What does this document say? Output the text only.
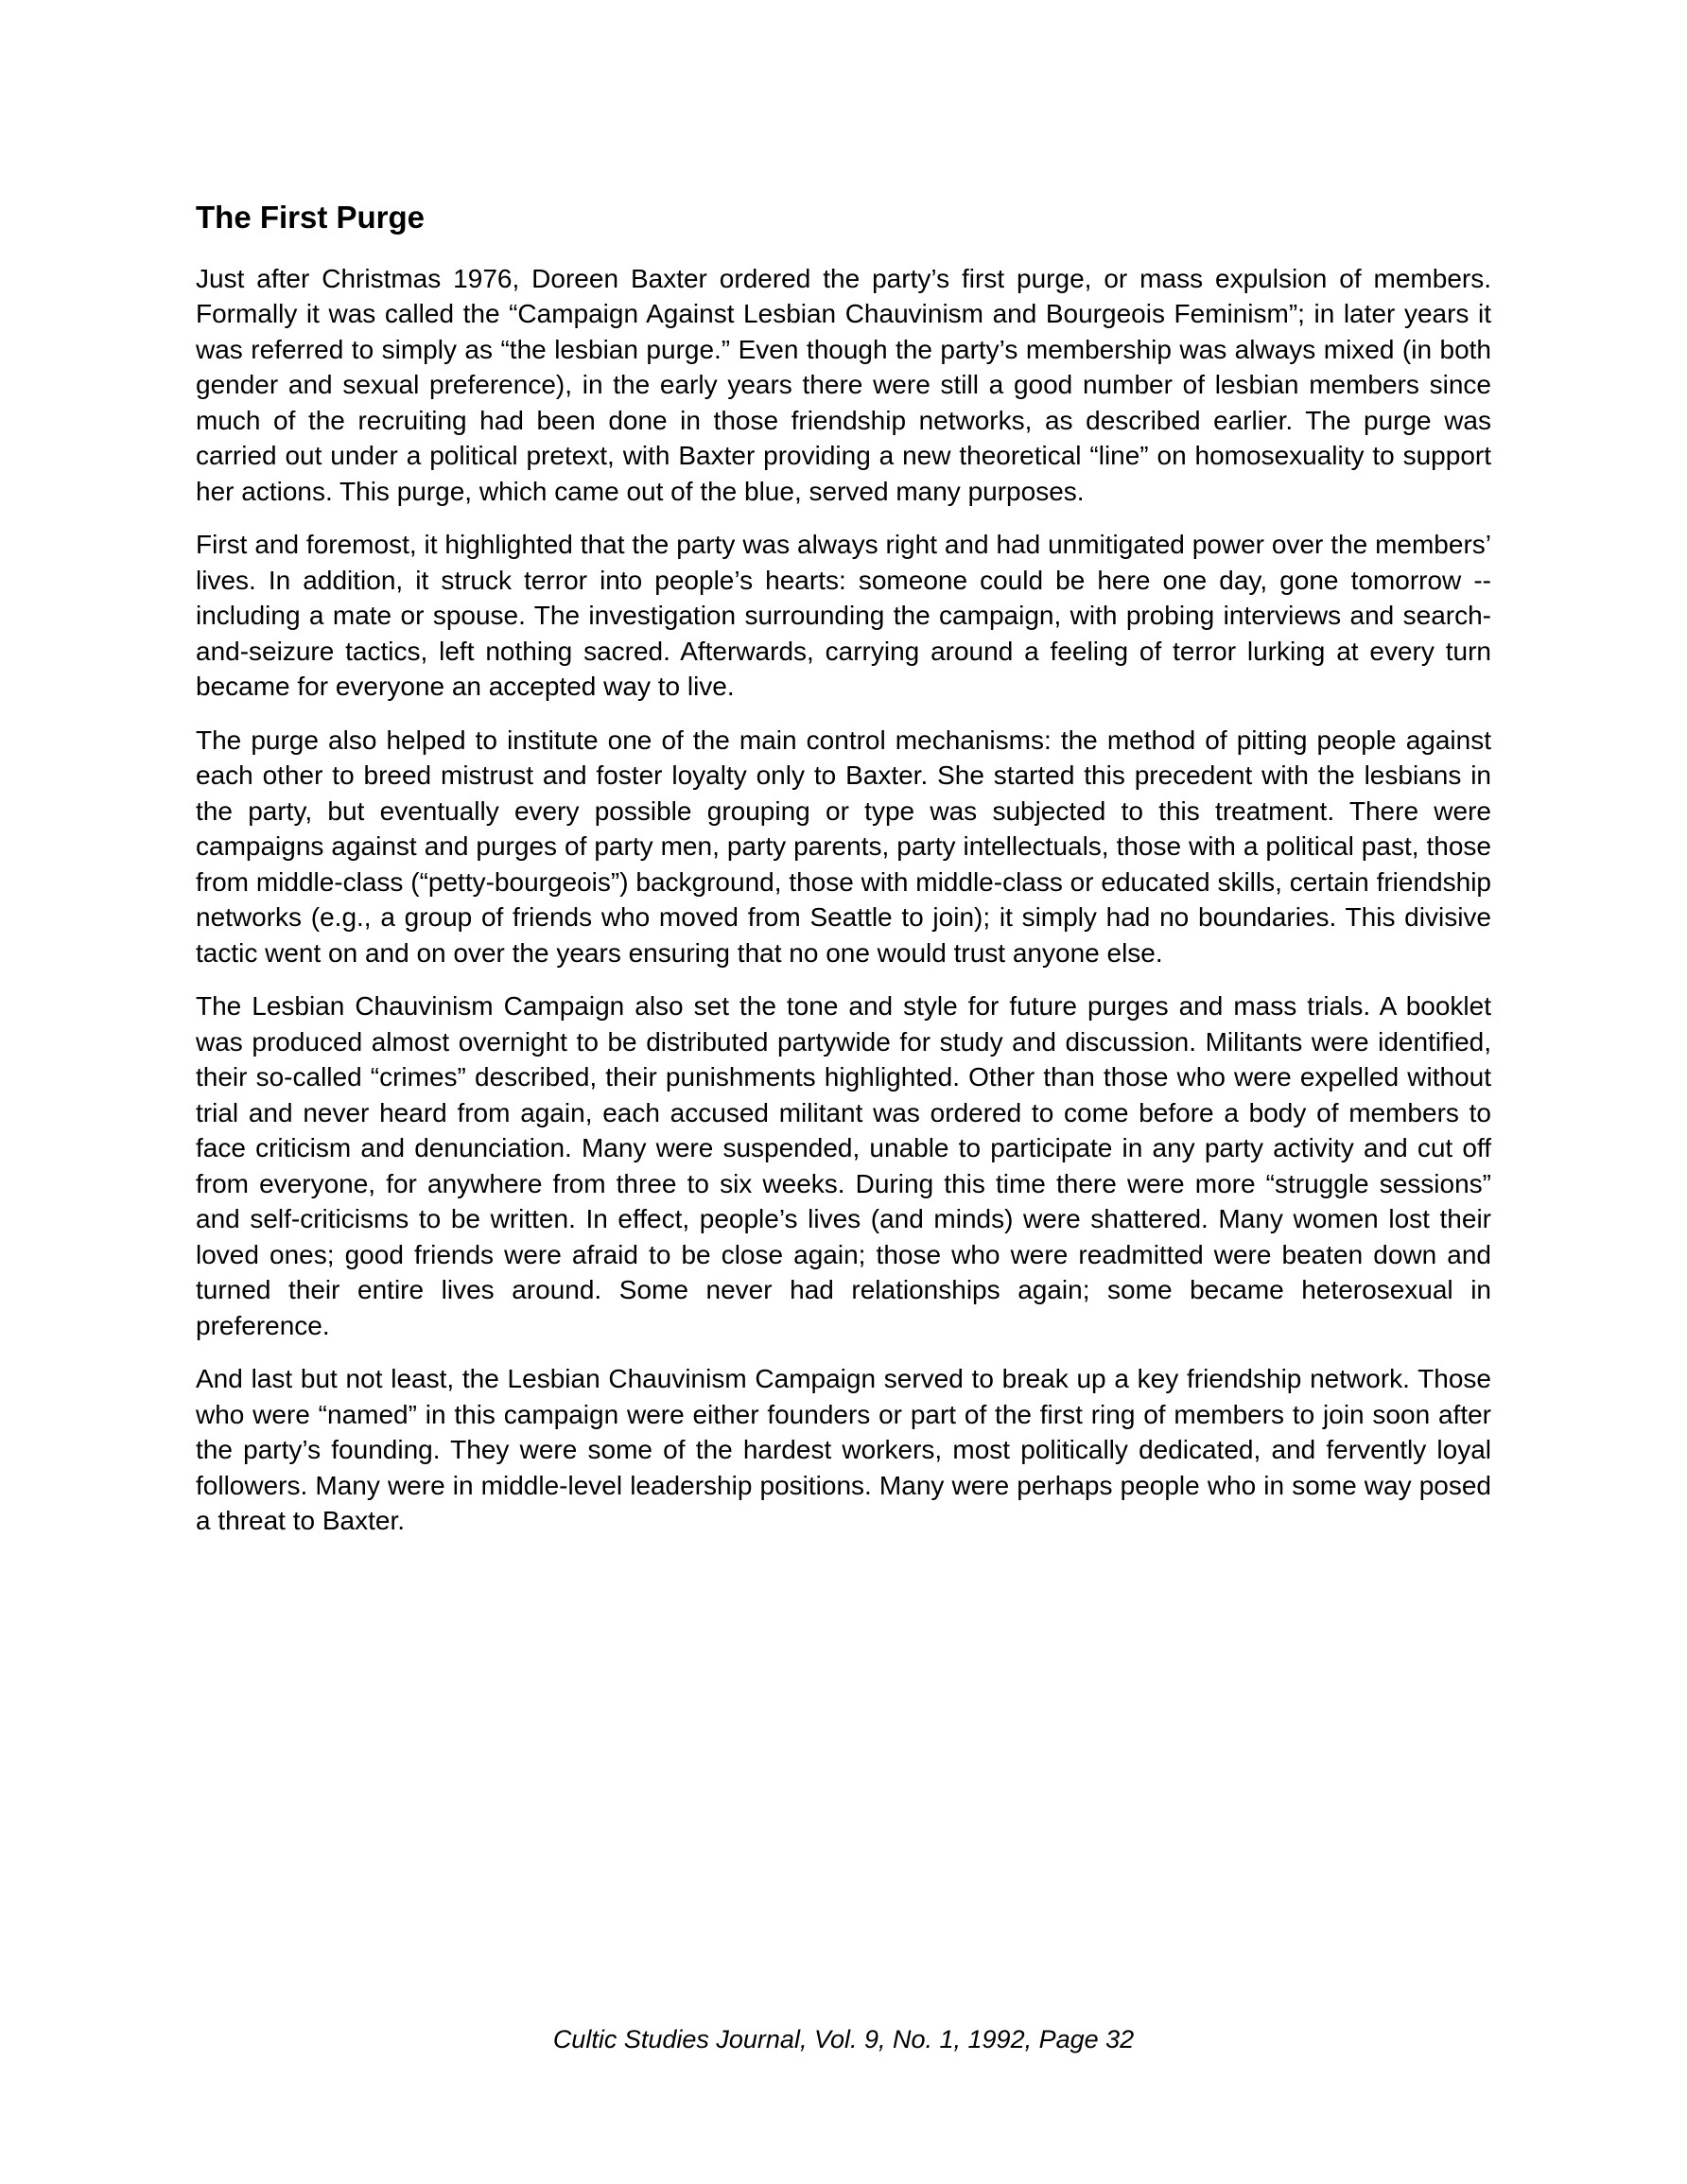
The First Purge

Just after Christmas 1976, Doreen Baxter ordered the party’s first purge, or mass expulsion of members. Formally it was called the “Campaign Against Lesbian Chauvinism and Bourgeois Feminism”; in later years it was referred to simply as “the lesbian purge.” Even though the party’s membership was always mixed (in both gender and sexual preference), in the early years there were still a good number of lesbian members since much of the recruiting had been done in those friendship networks, as described earlier. The purge was carried out under a political pretext, with Baxter providing a new theoretical “line” on homosexuality to support her actions. This purge, which came out of the blue, served many purposes.

First and foremost, it highlighted that the party was always right and had unmitigated power over the members’ lives. In addition, it struck terror into people’s hearts: someone could be here one day, gone tomorrow -- including a mate or spouse. The investigation surrounding the campaign, with probing interviews and search-and-seizure tactics, left nothing sacred. Afterwards, carrying around a feeling of terror lurking at every turn became for everyone an accepted way to live.

The purge also helped to institute one of the main control mechanisms: the method of pitting people against each other to breed mistrust and foster loyalty only to Baxter. She started this precedent with the lesbians in the party, but eventually every possible grouping or type was subjected to this treatment. There were campaigns against and purges of party men, party parents, party intellectuals, those with a political past, those from middle-class (“petty-bourgeois”) background, those with middle-class or educated skills, certain friendship networks (e.g., a group of friends who moved from Seattle to join); it simply had no boundaries. This divisive tactic went on and on over the years ensuring that no one would trust anyone else.

The Lesbian Chauvinism Campaign also set the tone and style for future purges and mass trials. A booklet was produced almost overnight to be distributed partywide for study and discussion. Militants were identified, their so-called “crimes” described, their punishments highlighted. Other than those who were expelled without trial and never heard from again, each accused militant was ordered to come before a body of members to face criticism and denunciation. Many were suspended, unable to participate in any party activity and cut off from everyone, for anywhere from three to six weeks. During this time there were more “struggle sessions” and self-criticisms to be written. In effect, people’s lives (and minds) were shattered. Many women lost their loved ones; good friends were afraid to be close again; those who were readmitted were beaten down and turned their entire lives around. Some never had relationships again; some became heterosexual in preference.

And last but not least, the Lesbian Chauvinism Campaign served to break up a key friendship network. Those who were “named” in this campaign were either founders or part of the first ring of members to join soon after the party’s founding. They were some of the hardest workers, most politically dedicated, and fervently loyal followers. Many were in middle-level leadership positions. Many were perhaps people who in some way posed a threat to Baxter.

Cultic Studies Journal, Vol. 9, No. 1, 1992, Page 32
